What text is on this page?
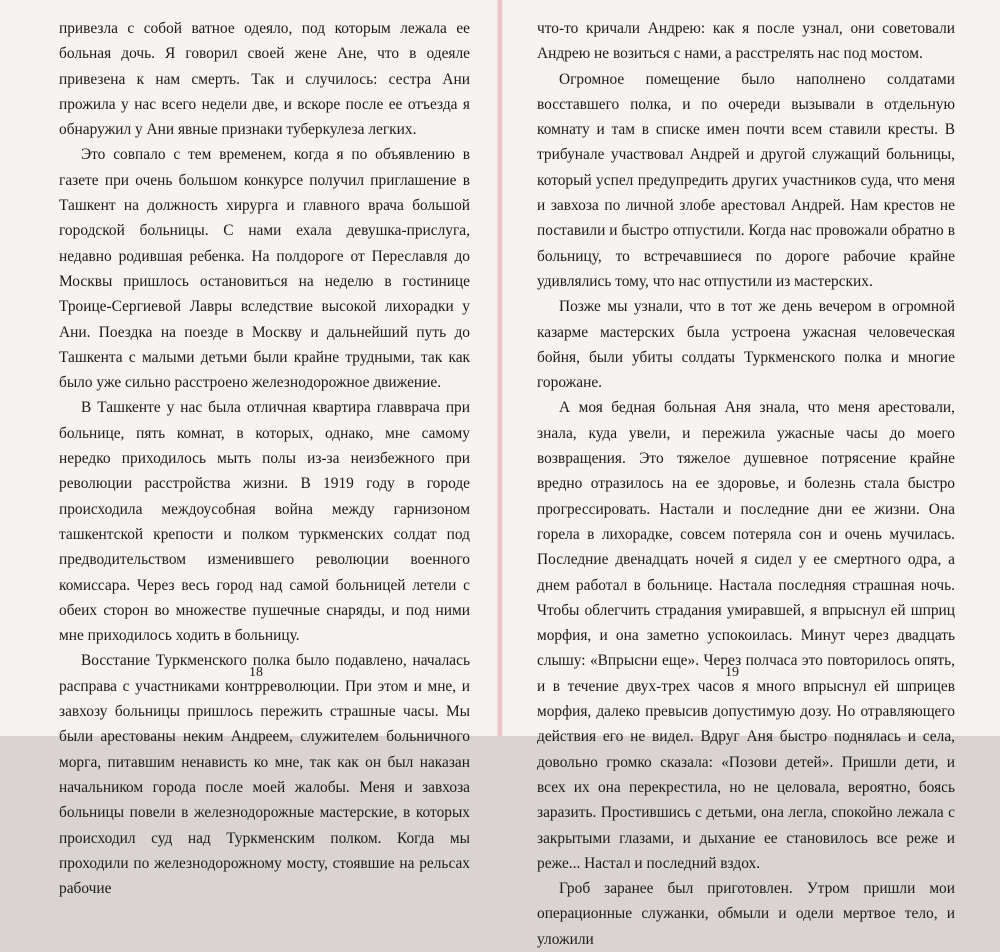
привезла с собой ватное одеяло, под которым лежала ее больная дочь. Я говорил своей жене Ане, что в одеяле привезена к нам смерть. Так и случилось: сестра Ани прожила у нас всего недели две, и вскоре после ее отъезда я обнаружил у Ани явные признаки туберкулеза легких.

Это совпало с тем временем, когда я по объявлению в газете при очень большом конкурсе получил приглашение в Ташкент на должность хирурга и главного врача большой городской больницы. С нами ехала девушка-прислуга, недавно родившая ребенка. На полдороге от Переславля до Москвы пришлось остановиться на неделю в гостинице Троице-Сергиевой Лавры вследствие высокой лихорадки у Ани. Поездка на поезде в Москву и дальнейший путь до Ташкента с малыми детьми были крайне трудными, так как было уже сильно расстроено железнодорожное движение.

В Ташкенте у нас была отличная квартира главврача при больнице, пять комнат, в которых, однако, мне самому нередко приходилось мыть полы из-за неизбежного при революции расстройства жизни. В 1919 году в городе происходила междоусобная война между гарнизоном ташкентской крепости и полком туркменских солдат под предводительством изменившего революции военного комиссара. Через весь город над самой больницей летели с обеих сторон во множестве пушечные снаряды, и под ними мне приходилось ходить в больницу.

Восстание Туркменского полка было подавлено, началась расправа с участниками контрреволюции. При этом и мне, и завхозу больницы пришлось пережить страшные часы. Мы были арестованы неким Андреем, служителем больничного морга, питавшим ненависть ко мне, так как он был наказан начальником города после моей жалобы. Меня и завхоза больницы повели в железнодорожные мастерские, в которых происходил суд над Туркменским полком. Когда мы проходили по железнодорожному мосту, стоявшие на рельсах рабочие

18

что-то кричали Андрею: как я после узнал, они советовали Андрею не возиться с нами, а расстрелять нас под мостом.

Огромное помещение было наполнено солдатами восставшего полка, и по очереди вызывали в отдельную комнату и там в списке имен почти всем ставили кресты. В трибунале участвовал Андрей и другой служащий больницы, который успел предупредить других участников суда, что меня и завхоза по личной злобе арестовал Андрей. Нам крестов не поставили и быстро отпустили. Когда нас провожали обратно в больницу, то встречавшиеся по дороге рабочие крайне удивлялись тому, что нас отпустили из мастерских.

Позже мы узнали, что в тот же день вечером в огромной казарме мастерских была устроена ужасная человеческая бойня, были убиты солдаты Туркменского полка и многие горожане.

А моя бедная больная Аня знала, что меня арестовали, знала, куда увели, и пережила ужасные часы до моего возвращения. Это тяжелое душевное потрясение крайне вредно отразилось на ее здоровье, и болезнь стала быстро прогрессировать. Настали и последние дни ее жизни. Она горела в лихорадке, совсем потеряла сон и очень мучилась. Последние двенадцать ночей я сидел у ее смертного одра, а днем работал в больнице. Настала последняя страшная ночь. Чтобы облегчить страдания умиравшей, я впрыснул ей шприц морфия, и она заметно успокоилась. Минут через двадцать слышу: «Впрысни еще». Через полчаса это повторилось опять, и в течение двух-трех часов я много впрыснул ей шприцев морфия, далеко превысив допустимую дозу. Но отравляющего действия его не видел. Вдруг Аня быстро поднялась и села, довольно громко сказала: «Позови детей». Пришли дети, и всех их она перекрестила, но не целовала, вероятно, боясь заразить. Простившись с детьми, она легла, спокойно лежала с закрытыми глазами, и дыхание ее становилось все реже и реже... Настал и последний вздох.

Гроб заранее был приготовлен. Утром пришли мои операционные служанки, обмыли и одели мертвое тело, и уложили

19
